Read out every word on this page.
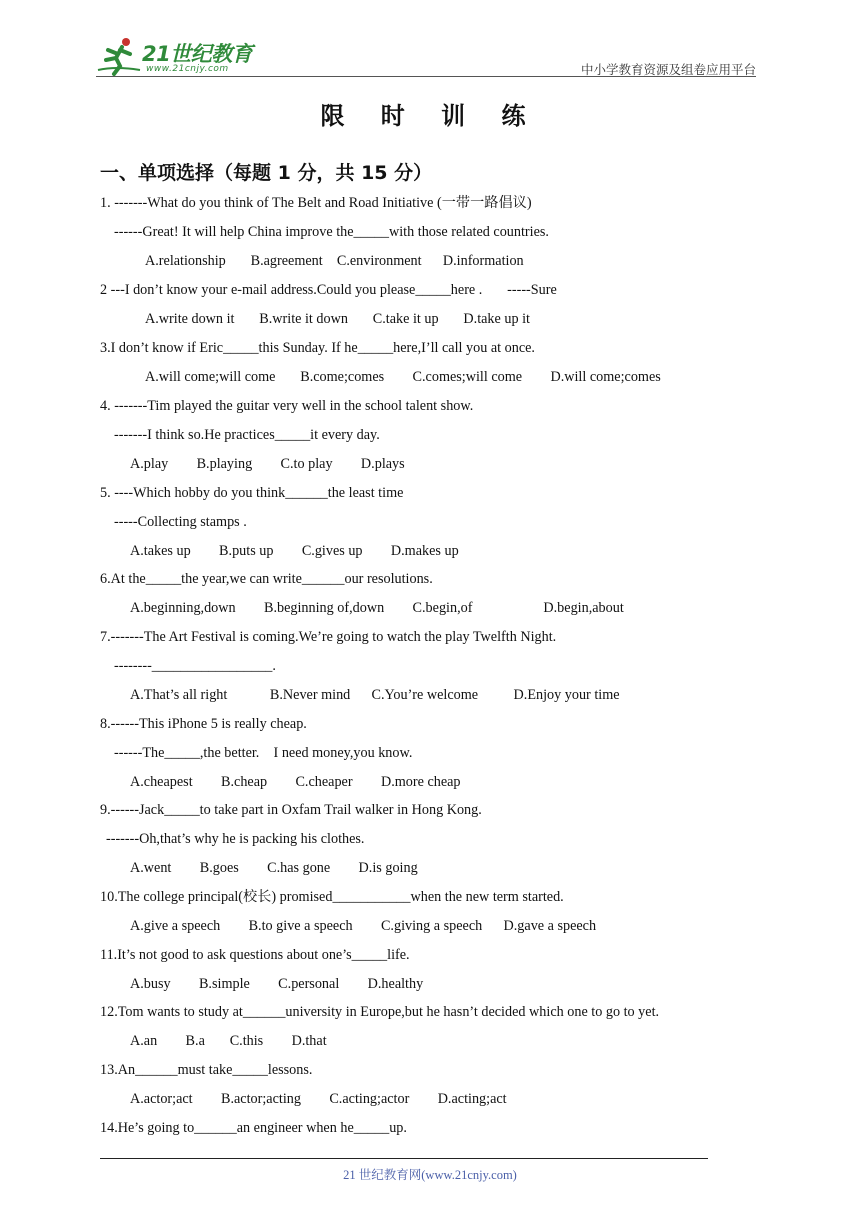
21世纪教育
www.21cnjy.com	中小学教育资源及组卷应用平台
限 时 训 练
一、单项选择（每题 1 分，共 15 分）
1. -------What do you think of The Belt and Road Initiative (一带一路倡议)
------Great! It will help China improve the_____with those related countries.
A.relationship       B.agreement    C.environment      D.information
2 ---I don’t know your e-mail address.Could you please_____here .       -----Sure
A.write down it       B.write it down       C.take it up       D.take up it
3.I don’t know if Eric_____this Sunday. If he_____here,I’ll call you at once.
A.will come;will come       B.come;comes        C.comes;will come        D.will come;comes
4. -------Tim played the guitar very well in the school talent show.
-------I think so.He practices_____it every day.
A.play        B.playing        C.to play        D.plays
5. ----Which hobby do you think______the least time
-----Collecting stamps .
A.takes up        B.puts up        C.gives up        D.makes up
6.At the_____the year,we can write______our resolutions.
A.beginning,down        B.beginning of,down        C.begin,of                    D.begin,about
7.-------The Art Festival is coming.We’re going to watch the play Twelfth Night.
--------_________________.
A.That’s all right            B.Never mind      C.You’re welcome          D.Enjoy your time
8.------This iPhone 5 is really cheap.
------The_____,the better.    I need money,you know.
A.cheapest        B.cheap        C.cheaper        D.more cheap
9.------Jack_____to take part in Oxfam Trail walker in Hong Kong.
-------Oh,that’s why he is packing his clothes.
A.went        B.goes        C.has gone        D.is going
10.The college principal(校长) promised___________when the new term started.
A.give a speech        B.to give a speech        C.giving a speech      D.gave a speech
11.It’s not good to ask questions about one’s_____life.
A.busy        B.simple        C.personal        D.healthy
12.Tom wants to study at______university in Europe,but he hasn’t decided which one to go to yet.
A.an        B.a       C.this        D.that
13.An______must take_____lessons.
A.actor;act        B.actor;acting        C.acting;actor        D.acting;act
14.He’s going to______an engineer when he_____up.
21 世纪教育网(www.21cnjy.com)
